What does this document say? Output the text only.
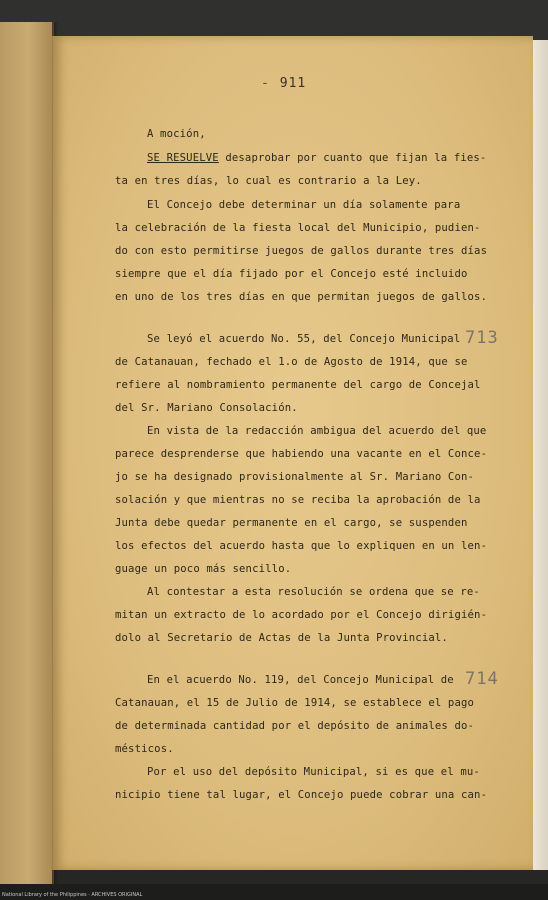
- 911
A moción,
SE RESUELVE desaprobar por cuanto que fijan la fies-
ta en tres días, lo cual es contrario a la Ley.
El Concejo debe determinar un día solamente para
la celebración de la fiesta local del Municipio, pudien-
do con esto permitirse juegos de gallos durante tres días
siempre que el día fijado por el Concejo esté incluido
en uno de los tres días en que permitan juegos de gallos.
Se leyó el acuerdo No. 55, del Concejo Municipal 713
de Catanauan, fechado el 1.o de Agosto de 1914, que se
refiere al nombramiento permanente del cargo de Concejal
del Sr. Mariano Consolación.
En vista de la redacción ambigua del acuerdo del que
parece desprenderse que habiendo una vacante en el Conce-
jo se ha designado provisionalmente al Sr. Mariano Con-
solación y que mientras no se reciba la aprobación de la
Junta debe quedar permanente en el cargo, se suspenden
los efectos del acuerdo hasta que lo expliquen en un len-
guage un poco más sencillo.
Al contestar a esta resolución se ordena que se re-
mitan un extracto de lo acordado por el Concejo dirigién-
dolo al Secretario de Actas de la Junta Provincial.
En el acuerdo No. 119, del Concejo Municipal de 714
Catanauan, el 15 de Julio de 1914, se establece el pago
de determinada cantidad por el depósito de animales do-
mésticos.
Por el uso del depósito Municipal, si es que el mu-
nicipio tiene tal lugar, el Concejo puede cobrar una can-
National Library of the Philippines · ARCHIVES ORIGINAL
